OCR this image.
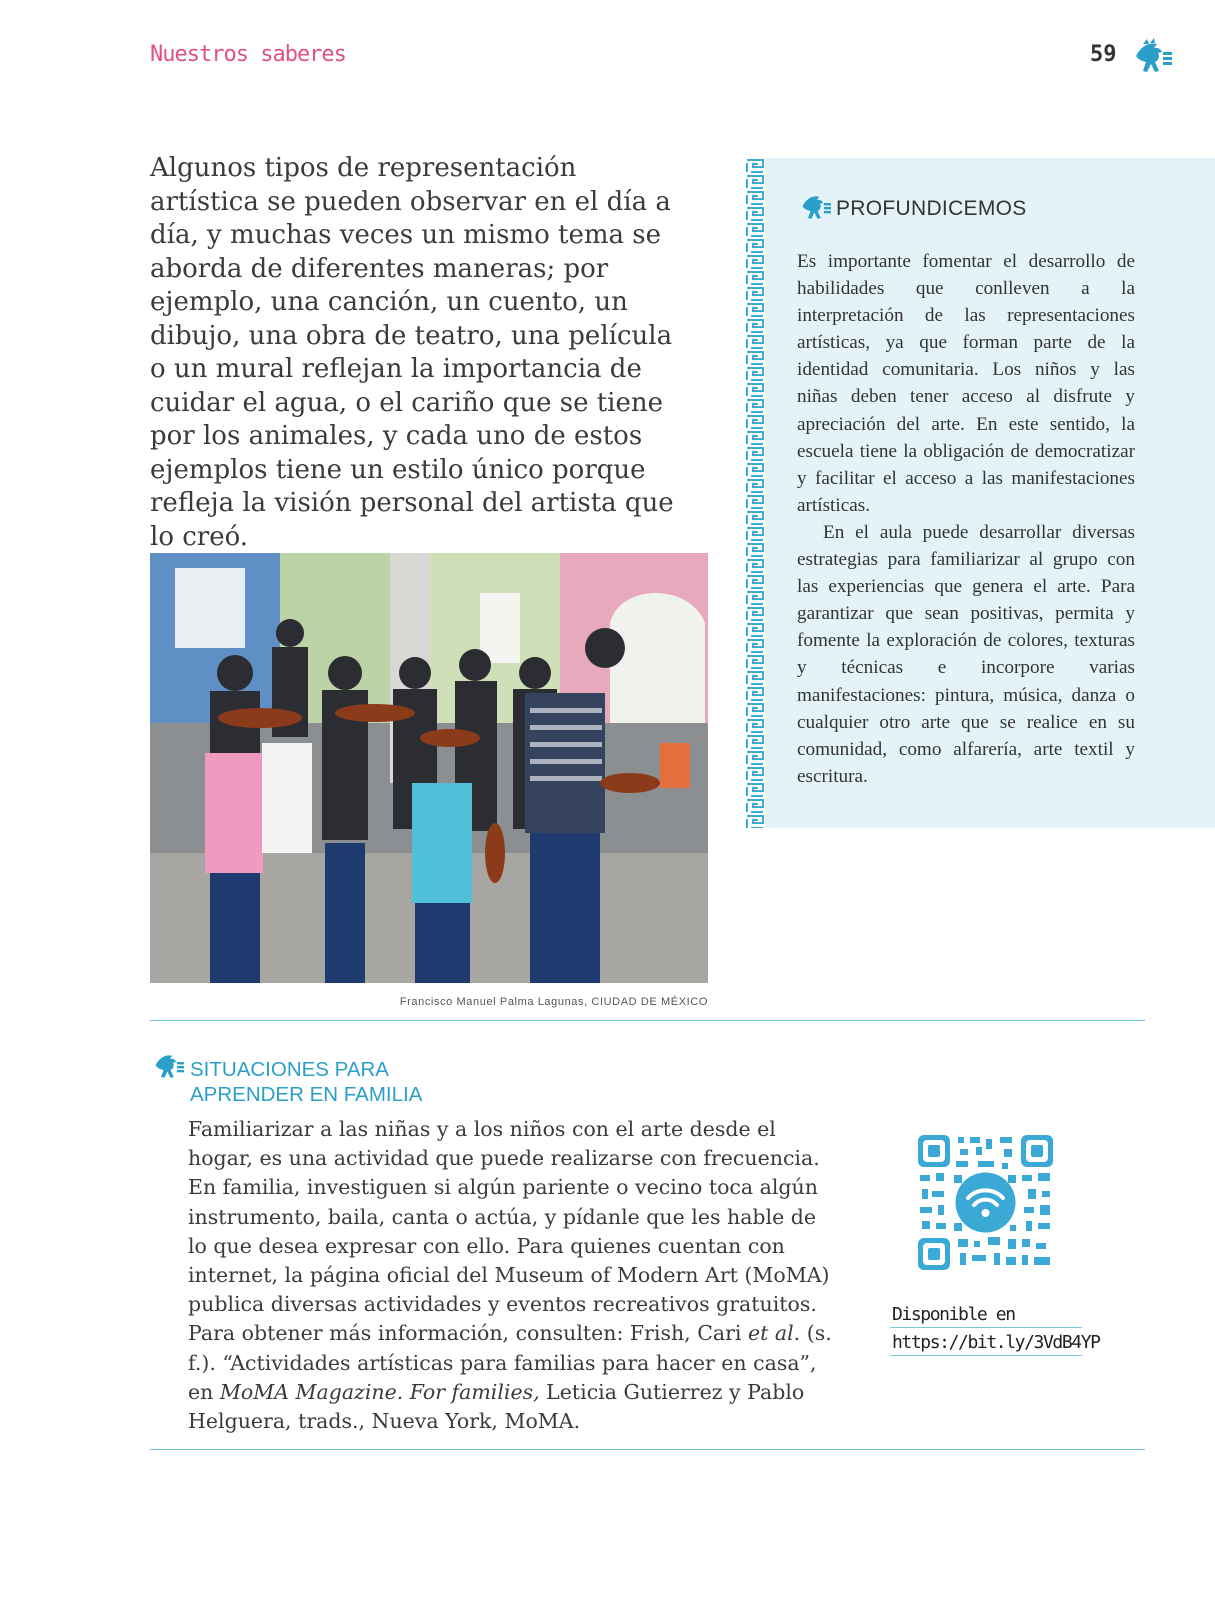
Nuestros saberes	59

Algunos tipos de representación artística se pueden observar en el día a día, y muchas veces un mismo tema se aborda de diferentes maneras; por ejemplo, una canción, un cuento, un dibujo, una obra de teatro, una película o un mural reflejan la importancia de cuidar el agua, o el cariño que se tiene por los animales, y cada uno de estos ejemplos tiene un estilo único porque refleja la visión personal del artista que lo creó.

Francisco Manuel Palma Lagunas, CIUDAD DE MÉXICO
PROFUNDICEMOS

Es importante fomentar el desarrollo de habilidades que conlleven a la interpretación de las representaciones artísticas, ya que forman parte de la identidad comunitaria. Los niños y las niñas deben tener acceso al disfrute y apreciación del arte. En este sentido, la escuela tiene la obligación de democratizar y facilitar el acceso a las manifestaciones artísticas.

En el aula puede desarrollar diversas estrategias para familiarizar al grupo con las experiencias que genera el arte. Para garantizar que sean positivas, permita y fomente la exploración de colores, texturas y técnicas e incorpore varias manifestaciones: pintura, música, danza o cualquier otro arte que se realice en su comunidad, como alfarería, arte textil y escritura.

SITUACIONES PARA
APRENDER EN FAMILIA

Familiarizar a las niñas y a los niños con el arte desde el hogar, es una actividad que puede realizarse con frecuencia. En familia, investiguen si algún pariente o vecino toca algún instrumento, baila, canta o actúa, y pídanle que les hable de lo que desea expresar con ello. Para quienes cuentan con internet, la página oficial del Museum of Modern Art (MoMA) publica diversas actividades y eventos recreativos gratuitos. Para obtener más información, consulten: Frish, Cari et al. (s. f.). “Actividades artísticas para familias para hacer en casa”, en MoMA Magazine. For families, Leticia Gutierrez y Pablo Helguera, trads., Nueva York, MoMA.

Disponible en
https://bit.ly/3VdB4YP
